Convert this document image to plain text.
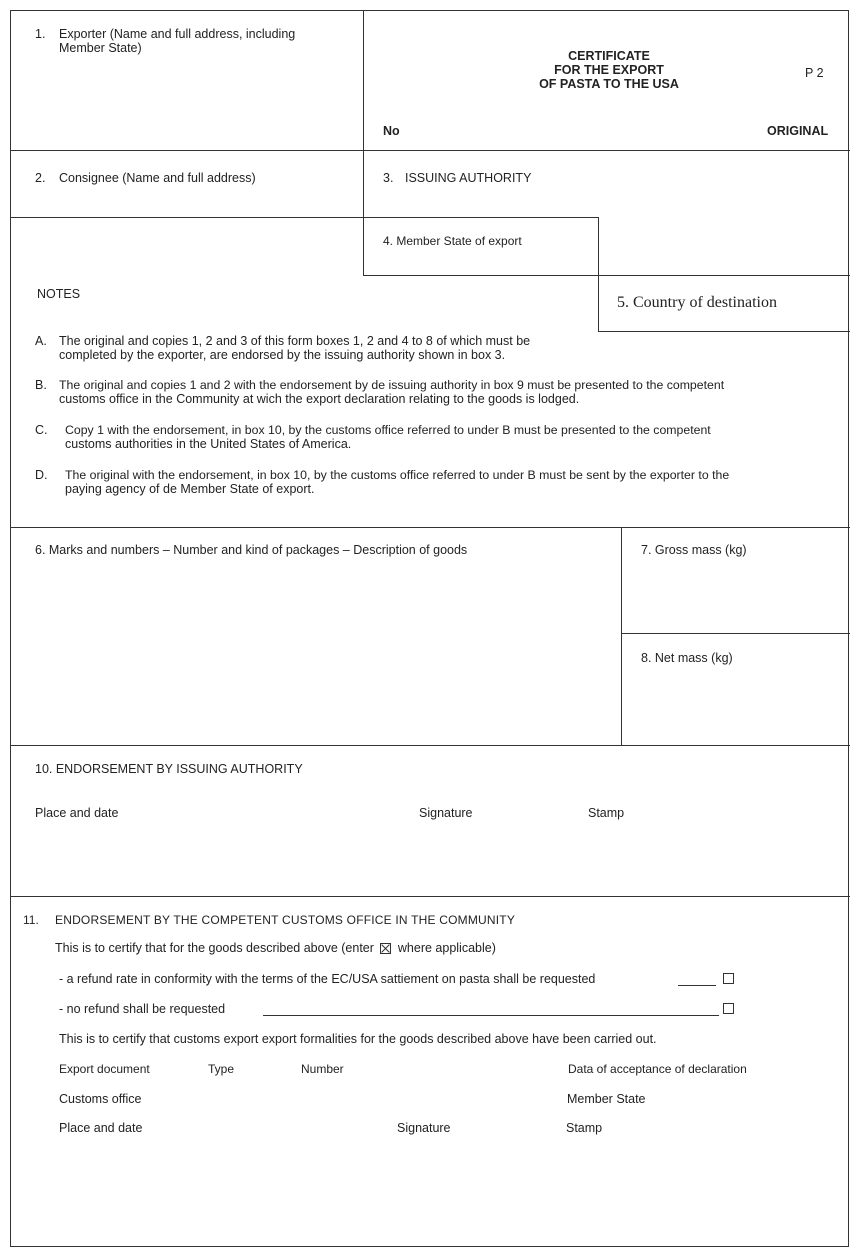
1. Exporter (Name and full address, including
Member State)
CERTIFICATE
FOR THE EXPORT
OF PASTA TO THE USA
P 2
No	ORIGINAL
2. Consignee (Name and full address)	3. ISSUING AUTHORITY
4. Member State of export
5. Country of destination
NOTES
A. The original and copies 1, 2 and 3 of this form boxes 1, 2 and 4 to 8 of which must be
completed by the exporter, are endorsed by the issuing authority shown in box 3.
B. The original and copies 1 and 2 with the endorsement by de issuing authority in box 9 must be presented to the competent
customs office in the Community at wich the export declaration relating to the goods is lodged.
C. Copy 1 with the endorsement, in box 10, by the customs office referred to under B must be presented to the competent
customs authorities in the United States of America.
D. The original with the endorsement, in box 10, by the customs office referred to under B must be sent by the exporter to the
paying agency of de Member State of export.
6. Marks and numbers – Number and kind of packages – Description of goods	7. Gross mass (kg)
8. Net mass (kg)
10. ENDORSEMENT BY ISSUING AUTHORITY
Place and date	Signature	Stamp
11. ENDORSEMENT BY THE COMPETENT CUSTOMS OFFICE IN THE COMMUNITY
This is to certify that for the goods described above (enter where applicable)
- a refund rate in conformity with the terms of the EC/USA sattiement on pasta shall be requested
- no refund shall be requested
This is to certify that customs export export formalities for the goods described above have been carried out.
Export document	Type	Number	Data of acceptance of declaration
Customs office	Member State
Place and date	Signature	Stamp
